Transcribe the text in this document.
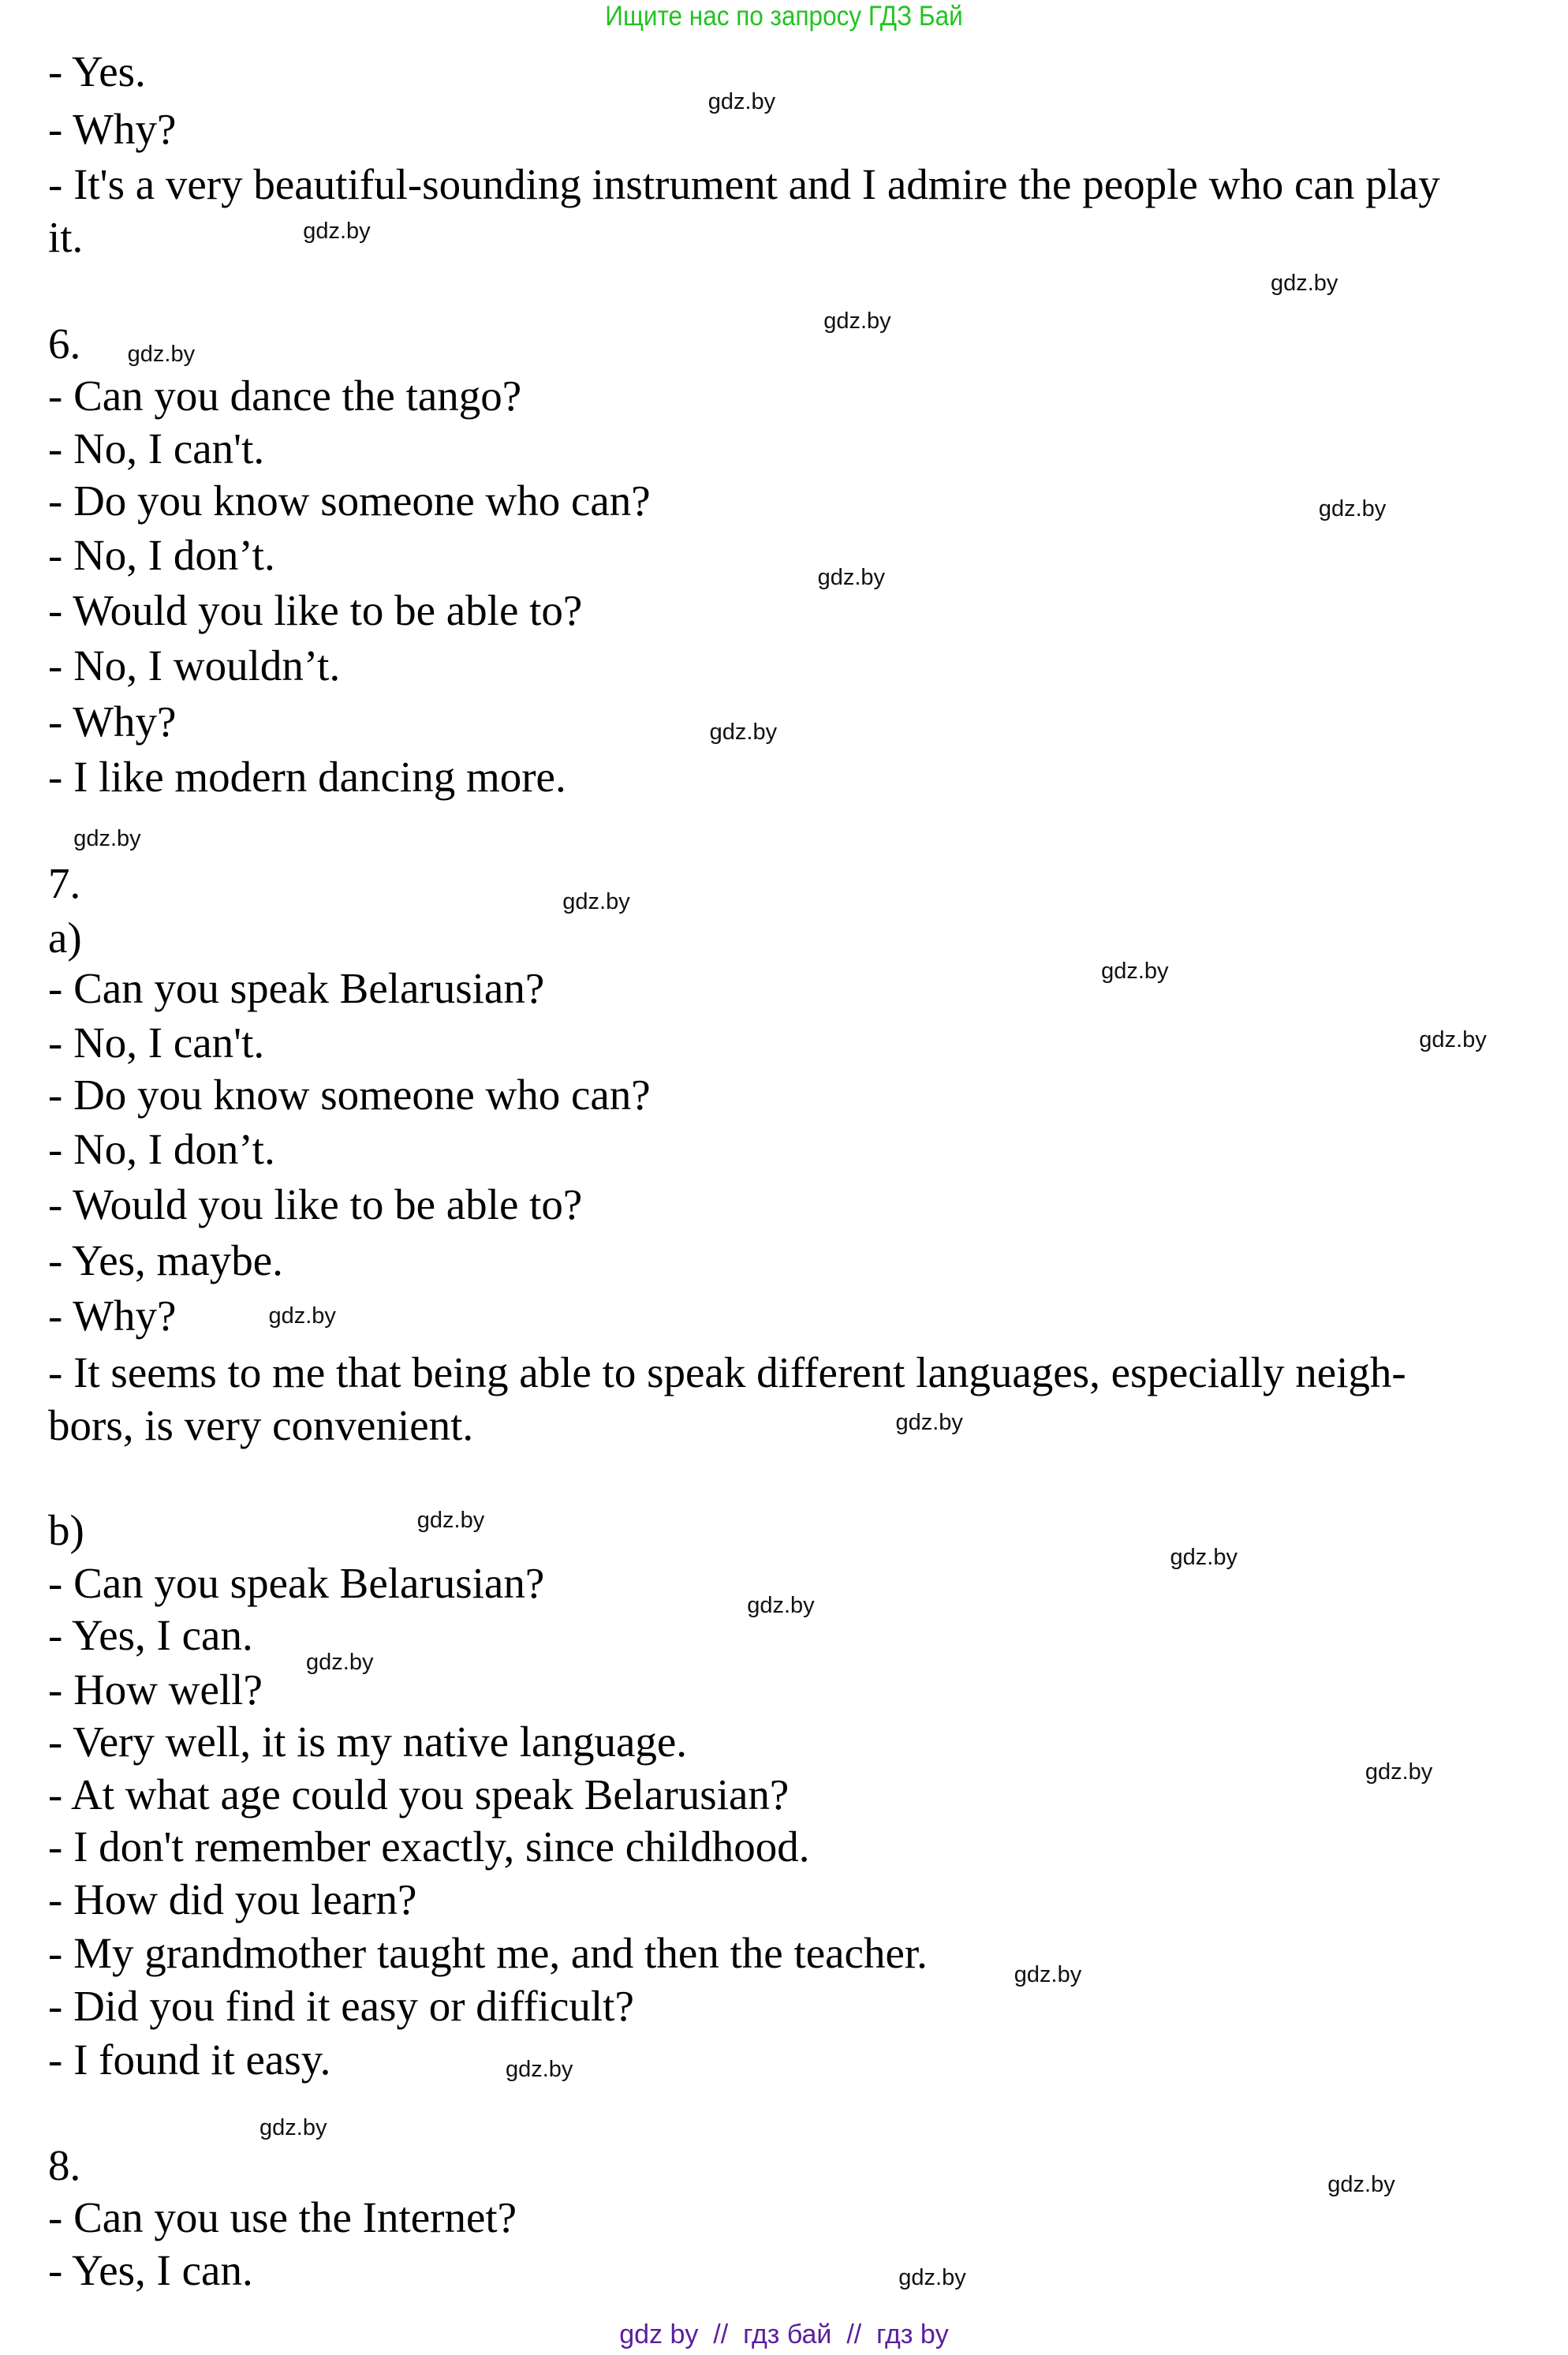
Ищите нас по запросу ГДЗ Бай
- Yes.
- Why?
- It's a very beautiful-sounding instrument and I admire the people who can play
it.
6.
- Can you dance the tango?
- No, I can't.
- Do you know someone who can?
- No, I don’t.
- Would you like to be able to?
- No, I wouldn’t.
- Why?
- I like modern dancing more.
7.
a)
- Can you speak Belarusian?
- No, I can't.
- Do you know someone who can?
- No, I don’t.
- Would you like to be able to?
- Yes, maybe.
- Why?
- It seems to me that being able to speak different languages, especially neigh-
bors, is very convenient.
b)
- Can you speak Belarusian?
- Yes, I can.
- How well?
- Very well, it is my native language.
- At what age could you speak Belarusian?
- I don't remember exactly, since childhood.
- How did you learn?
- My grandmother taught me, and then the teacher.
- Did you find it easy or difficult?
- I found it easy.
8.
- Can you use the Internet?
- Yes, I can.
gdz.by
gdz.by
gdz.by
gdz.by
gdz.by
gdz.by
gdz.by
gdz.by
gdz.by
gdz.by
gdz.by
gdz.by
gdz.by
gdz.by
gdz.by
gdz.by
gdz.by
gdz.by
gdz.by
gdz.by
gdz.by
gdz.by
gdz.by
gdz.by
gdz by  //  гдз бай  //  гдз by
